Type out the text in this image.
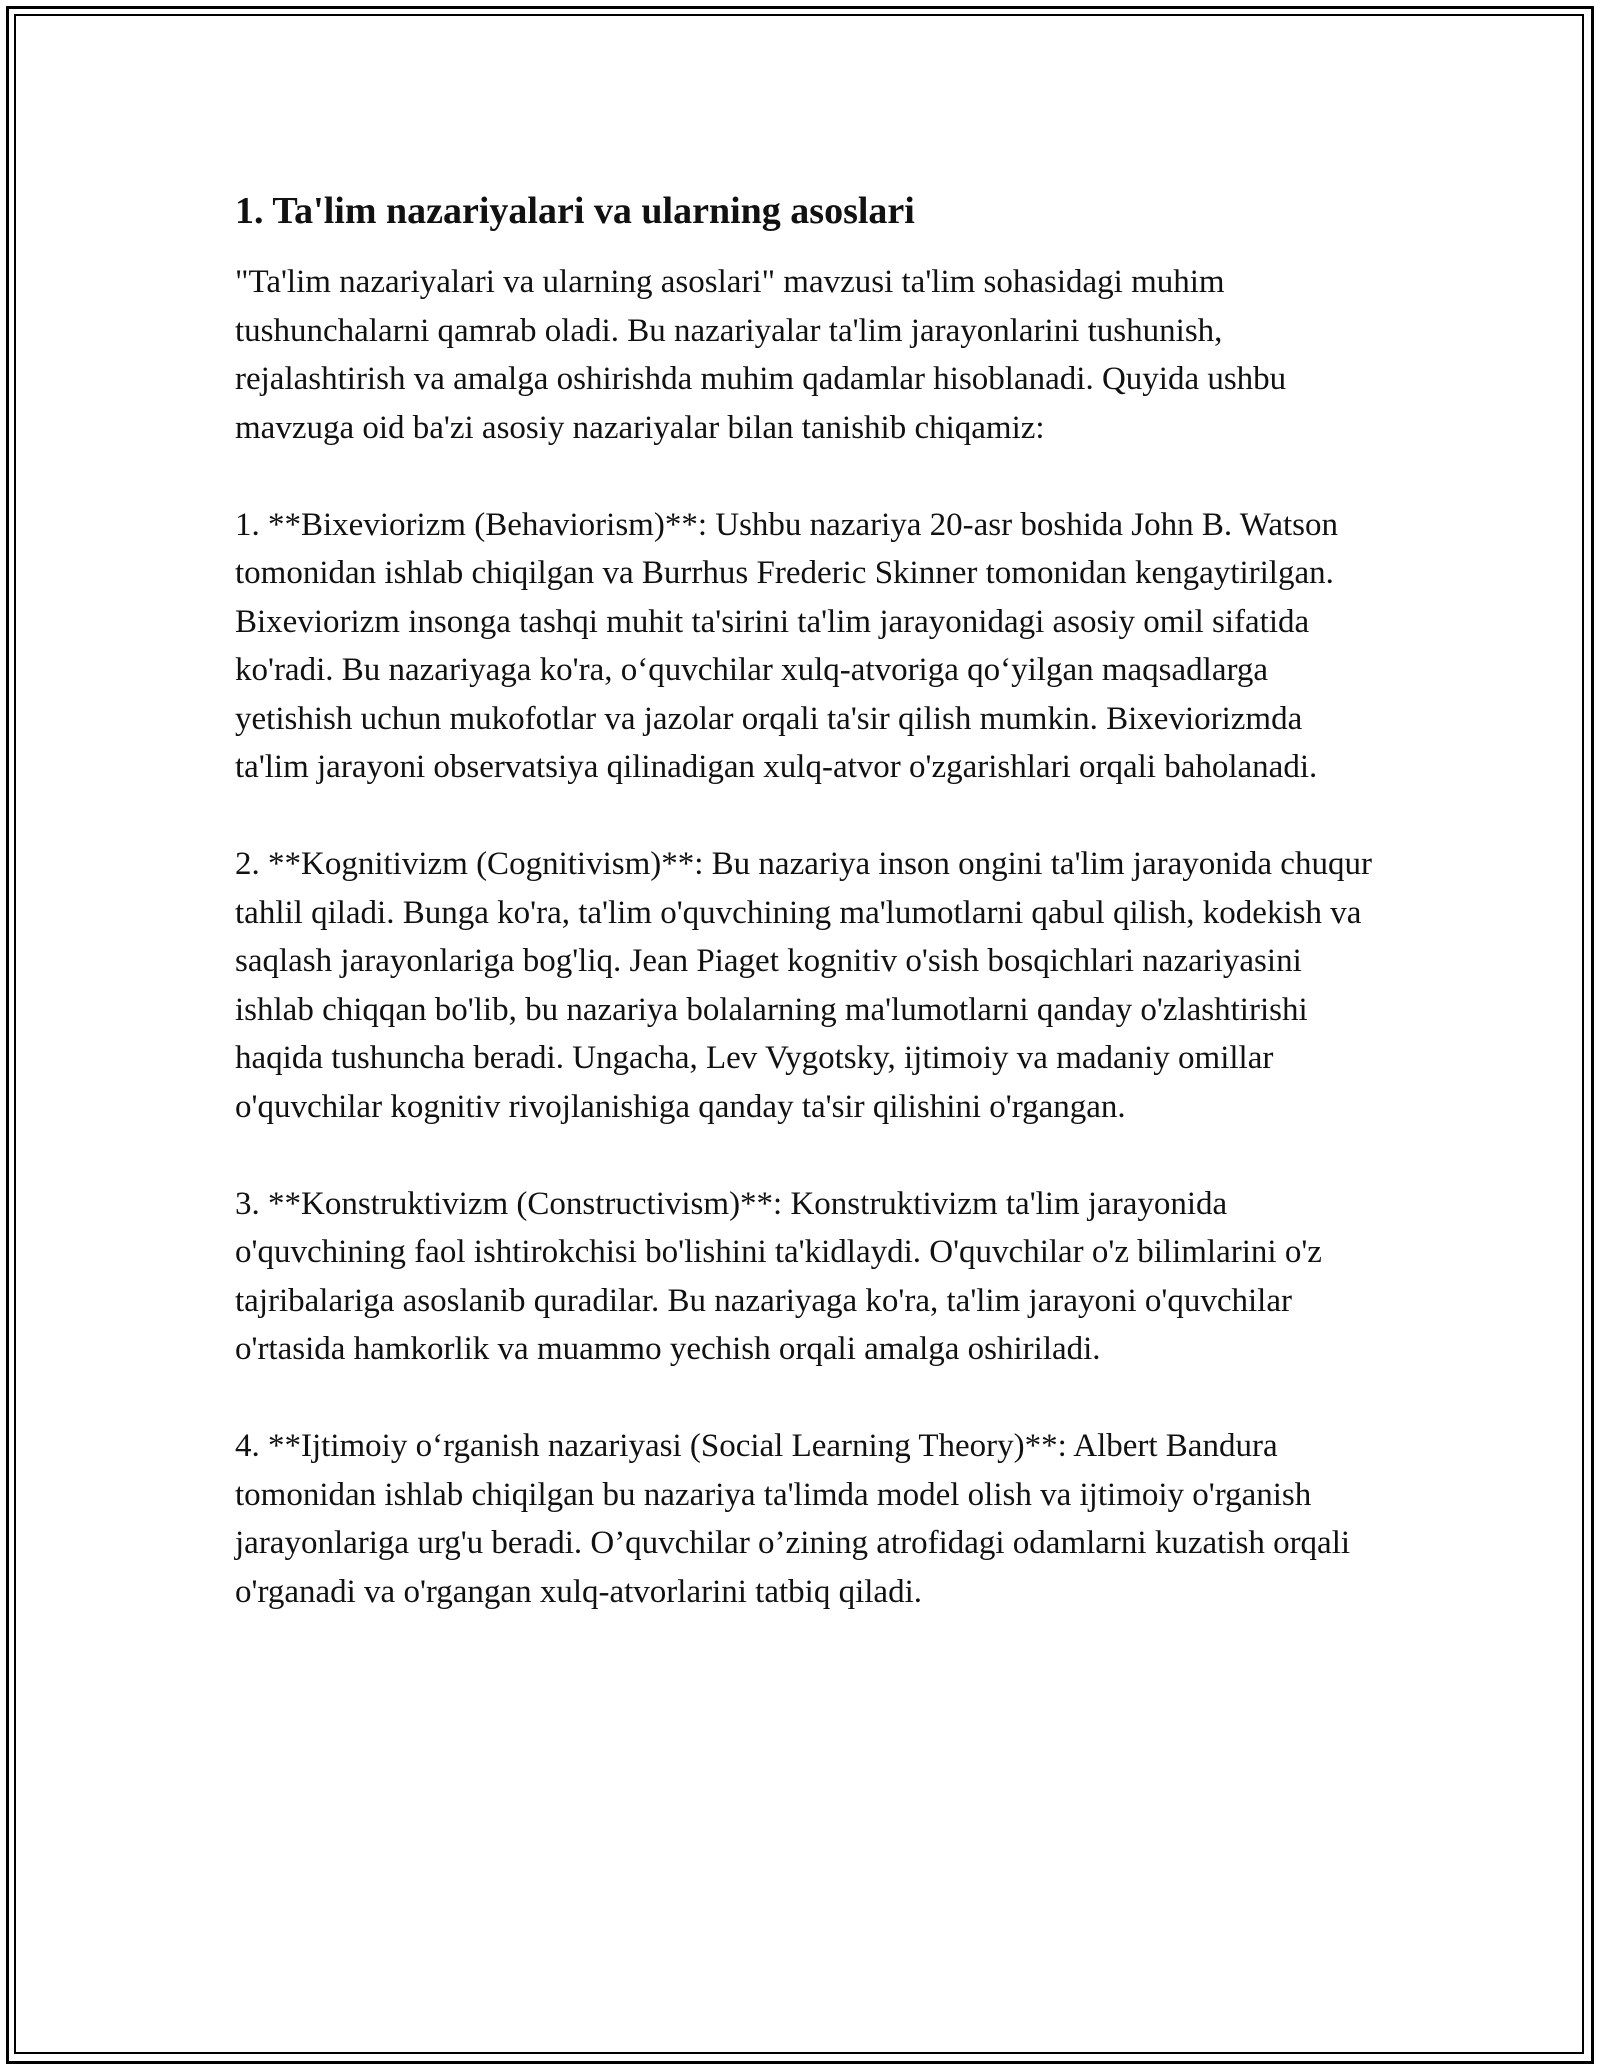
1. Ta'lim nazariyalari va ularning asoslari

"Ta'lim nazariyalari va ularning asoslari" mavzusi ta'lim sohasidagi muhim tushunchalarni qamrab oladi. Bu nazariyalar ta'lim jarayonlarini tushunish, rejalashtirish va amalga oshirishda muhim qadamlar hisoblanadi. Quyida ushbu mavzuga oid ba'zi asosiy nazariyalar bilan tanishib chiqamiz:

1. **Bixeviorizm (Behaviorism)**: Ushbu nazariya 20-asr boshida John B. Watson tomonidan ishlab chiqilgan va Burrhus Frederic Skinner tomonidan kengaytirilgan. Bixeviorizm insonga tashqi muhit ta'sirini ta'lim jarayonidagi asosiy omil sifatida ko'radi. Bu nazariyaga ko'ra, o‘quvchilar xulq-atvoriga qo‘yilgan maqsadlarga yetishish uchun mukofotlar va jazolar orqali ta'sir qilish mumkin. Bixeviorizmda ta'lim jarayoni observatsiya qilinadigan xulq-atvor o'zgarishlari orqali baholanadi.

2. **Kognitivizm (Cognitivism)**: Bu nazariya inson ongini ta'lim jarayonida chuqur tahlil qiladi. Bunga ko'ra, ta'lim o'quvchining ma'lumotlarni qabul qilish, kodekish va saqlash jarayonlariga bog'liq. Jean Piaget kognitiv o'sish bosqichlari nazariyasini ishlab chiqqan bo'lib, bu nazariya bolalarning ma'lumotlarni qanday o'zlashtirishi haqida tushuncha beradi. Ungacha, Lev Vygotsky, ijtimoiy va madaniy omillar o'quvchilar kognitiv rivojlanishiga qanday ta'sir qilishini o'rgangan.

3. **Konstruktivizm (Constructivism)**: Konstruktivizm ta'lim jarayonida o'quvchining faol ishtirokchisi bo'lishini ta'kidlaydi. O'quvchilar o'z bilimlarini o'z tajribalariga asoslanib quradilar. Bu nazariyaga ko'ra, ta'lim jarayoni o'quvchilar o'rtasida hamkorlik va muammo yechish orqali amalga oshiriladi.

4. **Ijtimoiy o‘rganish nazariyasi (Social Learning Theory)**: Albert Bandura tomonidan ishlab chiqilgan bu nazariya ta'limda model olish va ijtimoiy o'rganish jarayonlariga urg'u beradi. O’quvchilar o’zining atrofidagi odamlarni kuzatish orqali o'rganadi va o'rgangan xulq-atvorlarini tatbiq qiladi.
